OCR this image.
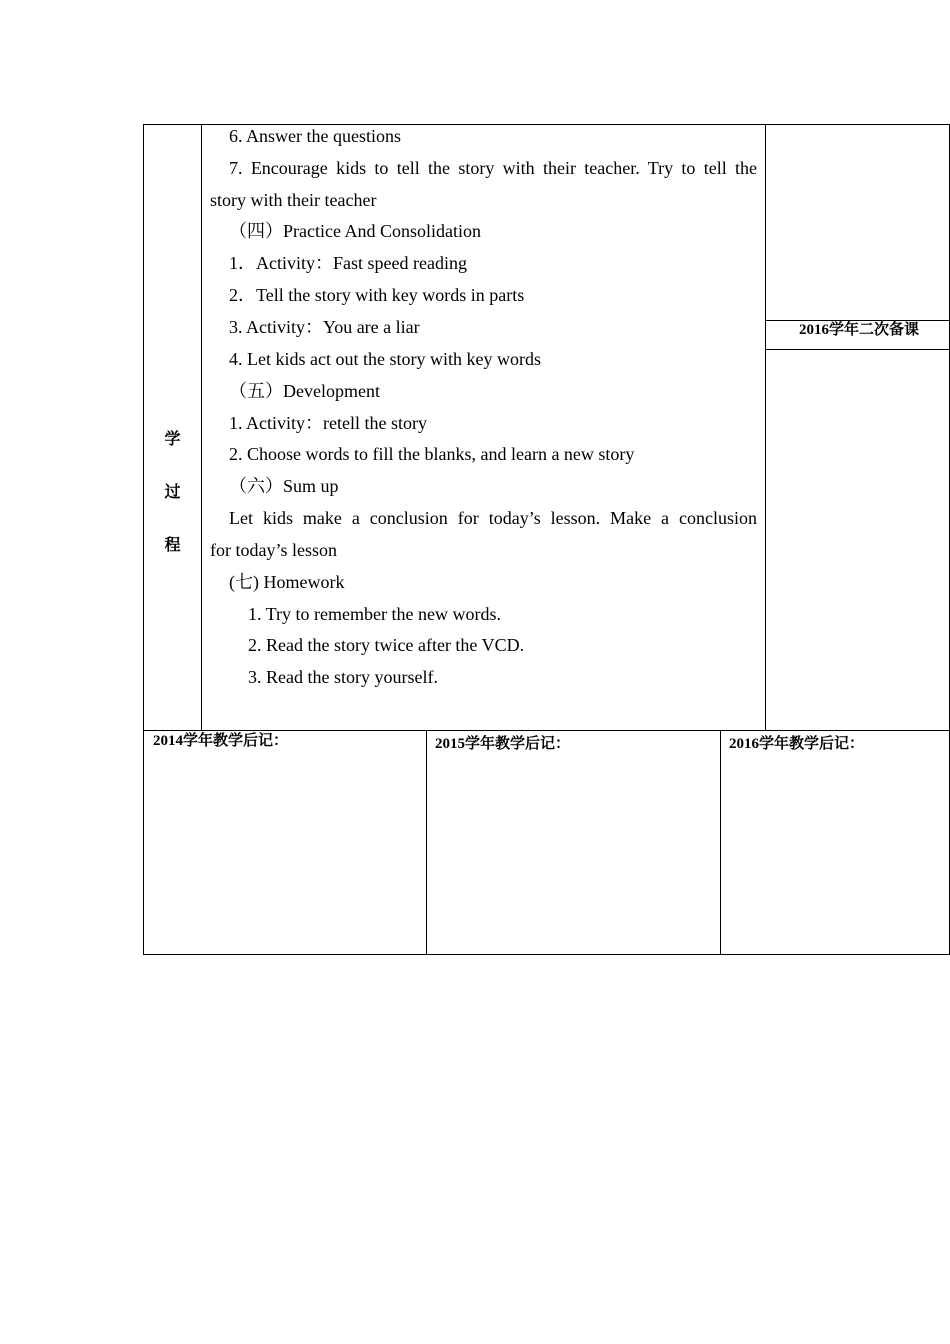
学
过
程
6. Answer the questions
7. Encourage kids to tell the story with their teacher. Try to tell the
story with their teacher
（四）Practice And Consolidation
1．Activity：Fast speed reading
2．Tell the story with key words in parts
3. Activity：You are a liar
4. Let kids act out the story with key words
（五）Development
1. Activity：retell the story
2. Choose words to fill the blanks, and learn a new story
（六）Sum up
Let kids make a conclusion for today’s lesson. Make a conclusion
for today’s lesson
(七) Homework
1. Try to remember the new words.
2. Read the story twice after the VCD.
3. Read the story yourself.
2016学年二次备课
2014学年教学后记：	2015学年教学后记：	2016学年教学后记：
